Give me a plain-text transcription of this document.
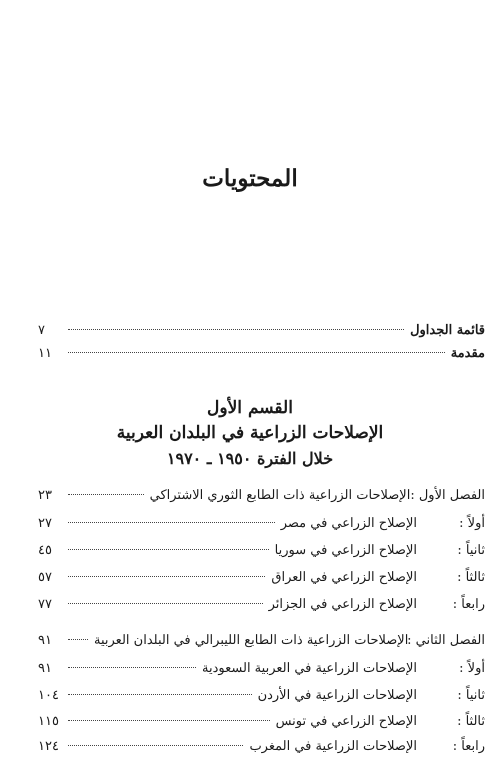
المحتويات
قائمة الجداول
٧
مقدمة
١١
القسم الأول
الإصلاحات الزراعية في البلدان العربية
خلال الفترة ١٩٥٠ ـ ١٩٧٠
الفصل الأول :
الإصلاحات الزراعية ذات الطابع الثوري الاشتراكي
٢٣
أولاً :
الإصلاح الزراعي في مصر
٢٧
ثانياً :
الإصلاح الزراعي في سوريا
٤٥
ثالثاً :
الإصلاح الزراعي في العراق
٥٧
رابعاً :
الإصلاح الزراعي في الجزائر
٧٧
الفصل الثاني :
الإصلاحات الزراعية ذات الطابع الليبرالي في البلدان العربية
٩١
أولاً :
الإصلاحات الزراعية في العربية السعودية
٩١
ثانياً :
الإصلاحات الزراعية في الأردن
١٠٤
ثالثاً :
الإصلاح الزراعي في تونس
١١٥
رابعاً :
الإصلاحات الزراعية في المغرب
١٢٤
